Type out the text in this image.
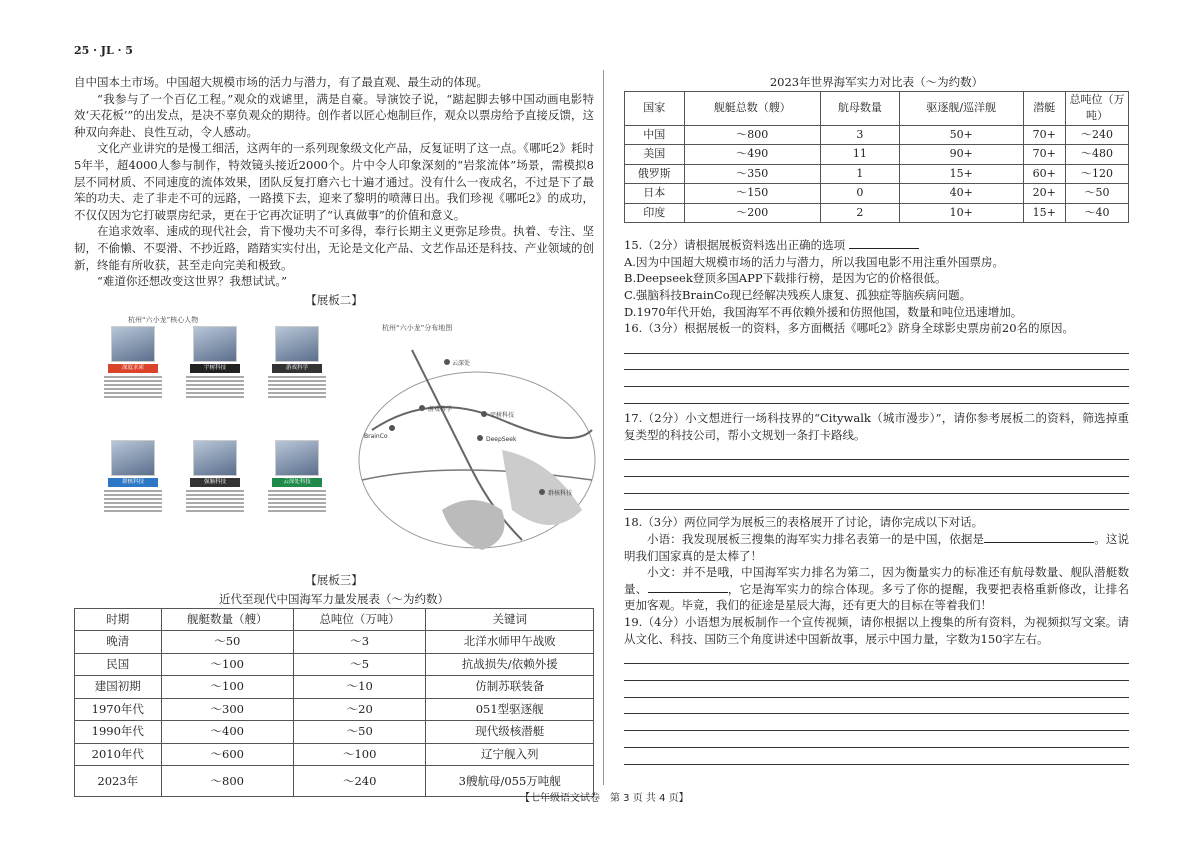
25 · JL · 5

自中国本土市场。中国超大规模市场的活力与潜力，有了最直观、最生动的体现。

“我参与了一个百亿工程。”观众的戏谑里，满是自豪。导演饺子说，“踮起脚去够中国动画电影特效‘天花板’”的出发点，是决不辜负观众的期待。创作者以匠心炮制巨作，观众以票房给予直接反馈，这种双向奔赴、良性互动，令人感动。

文化产业讲究的是慢工细活，这两年的一系列现象级文化产品，反复证明了这一点。《哪吒2》耗时5年半，超4000人参与制作，特效镜头接近2000个。片中令人印象深刻的“岩浆流体”场景，需模拟8层不同材质、不同速度的流体效果，团队反复打磨六七十遍才通过。没有什么一夜成名，不过是下了最笨的功夫、走了非走不可的远路，一路摸下去，迎来了黎明的喷薄日出。我们珍视《哪吒2》的成功，不仅仅因为它打破票房纪录，更在于它再次证明了“认真做事”的价值和意义。

在追求效率、速成的现代社会，肯下慢功夫不可多得，奉行长期主义更弥足珍贵。执着、专注、坚韧，不偷懒、不耍滑、不抄近路，踏踏实实付出，无论是文化产品、文艺作品还是科技、产业领域的创新，终能有所收获，甚至走向完美和极致。

“难道你还想改变这世界？我想试试。”

【展板二】
杭州“六小龙”核心人物
深度求索	宇树科技	游戏科学
群核科技	强脑科技	云深处科技
杭州“六小龙”分布地图
云深处
游戏科学
宇树科技
DeepSeek
群核科技
BrainCo
【展板三】
近代至现代中国海军力量发展表（～为约数）
时期	舰艇数量（艘）	总吨位（万吨）	关键词
晚清	～50	～3	北洋水师甲午战败
民国	～100	～5	抗战损失/依赖外援
建国初期	～100	～10	仿制苏联装备
1970年代	～300	～20	051型驱逐舰
1990年代	～400	～50	现代级核潜艇
2010年代	～600	～100	辽宁舰入列
2023年	～800	～240	3艘航母/055万吨舰
2023年世界海军实力对比表（～为约数）
国家	舰艇总数（艘）	航母数量	驱逐舰/巡洋舰	潜艇	总吨位（万吨）
中国	～800	3	50+	70+	～240
美国	～490	11	90+	70+	～480
俄罗斯	～350	1	15+	60+	～120
日本	～150	0	40+	20+	～50
印度	～200	2	10+	15+	～40

15.（2分）请根据展板资料选出正确的选项

A.因为中国超大规模市场的活力与潜力，所以我国电影不用注重外国票房。

B.Deepseek登顶多国APP下载排行榜，是因为它的价格很低。

C.强脑科技BrainCo现已经解决残疾人康复、孤独症等脑疾病问题。

D.1970年代开始，我国海军不再依赖外援和仿照他国，数量和吨位迅速增加。

16.（3分）根据展板一的资料，多方面概括《哪吒2》跻身全球影史票房前20名的原因。

17.（2分）小文想进行一场科技界的“Citywalk（城市漫步）”，请你参考展板二的资料，筛选掉重复类型的科技公司，帮小文规划一条打卡路线。

18.（3分）两位同学为展板三的表格展开了讨论，请你完成以下对话。

小语：我发现展板三搜集的海军实力排名表第一的是中国，依据是	。这说明我们国家真的是太棒了！

小文：并不是哦，中国海军实力排名为第二，因为衡量实力的标准还有航母数量、舰队潜艇数量、	，它是海军实力的综合体现。多亏了你的提醒，我要把表格重新修改，让排名更加客观。毕竟，我们的征途是星辰大海，还有更大的目标在等着我们！

19.（4分）小语想为展板制作一个宣传视频，请你根据以上搜集的所有资料，为视频拟写文案。请从文化、科技、国防三个角度讲述中国新故事，展示中国力量，字数为150字左右。

【七年级语文试卷　第 3 页 共 4 页】
